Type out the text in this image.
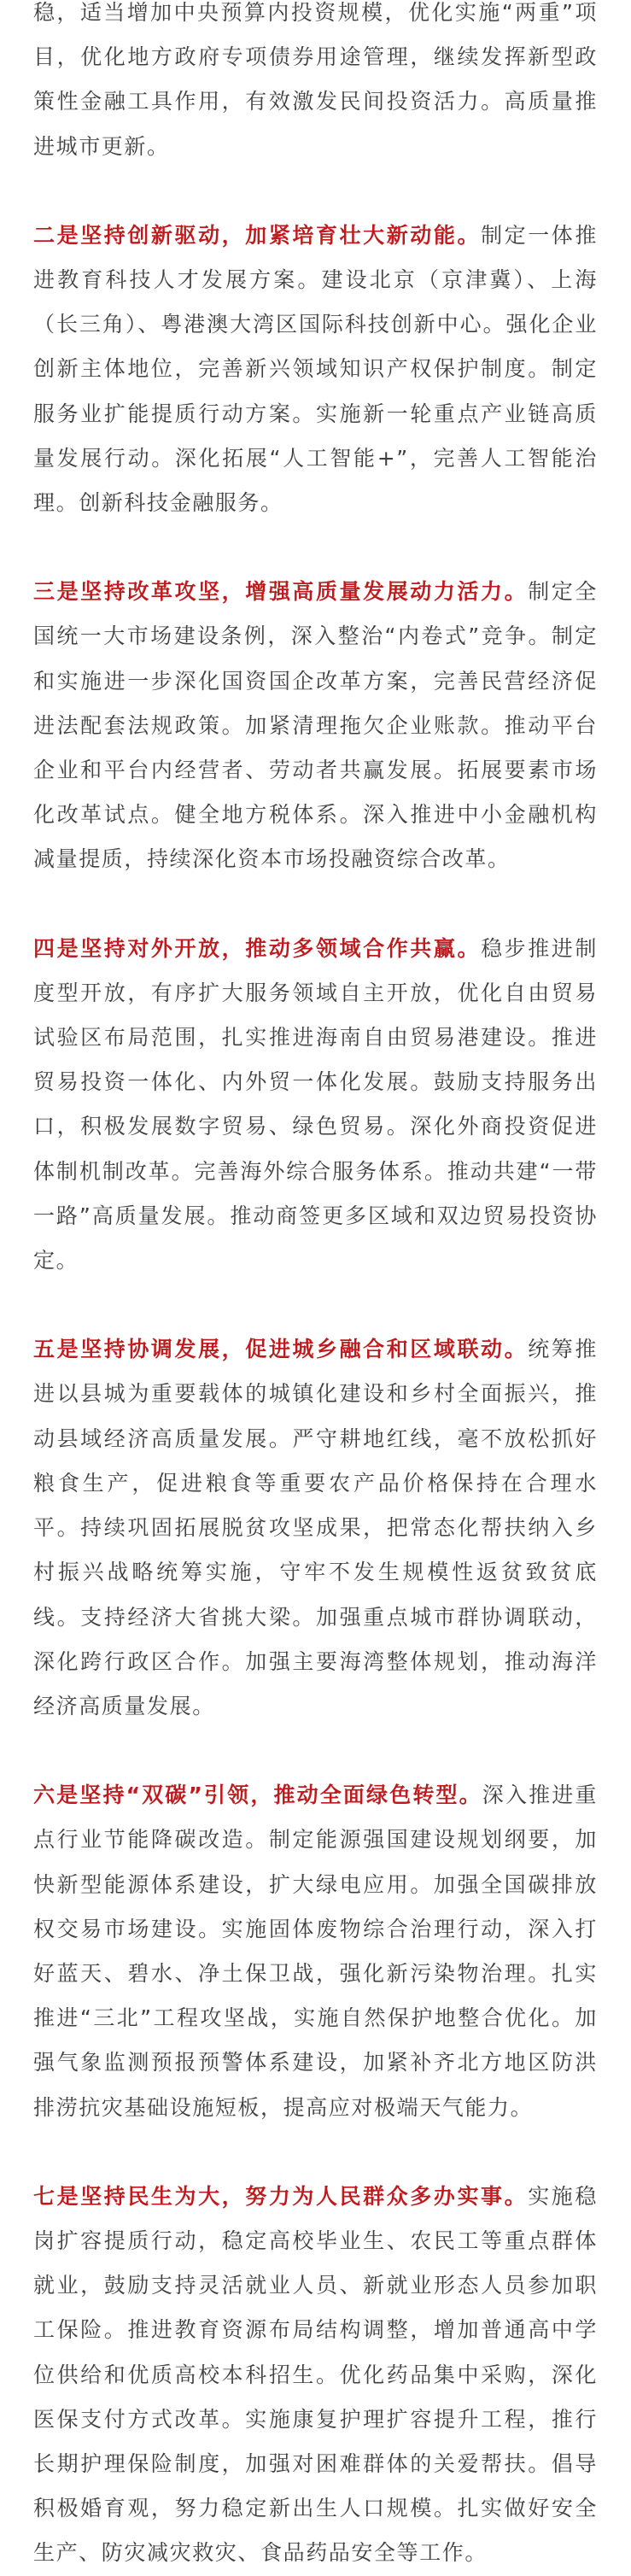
稳，适当增加中央预算内投资规模，优化实施“两重”项目，优化地方政府专项债券用途管理，继续发挥新型政策性金融工具作用，有效激发民间投资活力。高质量推进城市更新。

二是坚持创新驱动，加紧培育壮大新动能。制定一体推进教育科技人才发展方案。建设北京（京津冀）、上海（长三角）、粤港澳大湾区国际科技创新中心。强化企业创新主体地位，完善新兴领域知识产权保护制度。制定服务业扩能提质行动方案。实施新一轮重点产业链高质量发展行动。深化拓展“人工智能+”，完善人工智能治理。创新科技金融服务。

三是坚持改革攻坚，增强高质量发展动力活力。制定全国统一大市场建设条例，深入整治“内卷式”竞争。制定和实施进一步深化国资国企改革方案，完善民营经济促进法配套法规政策。加紧清理拖欠企业账款。推动平台企业和平台内经营者、劳动者共赢发展。拓展要素市场化改革试点。健全地方税体系。深入推进中小金融机构减量提质，持续深化资本市场投融资综合改革。

四是坚持对外开放，推动多领域合作共赢。稳步推进制度型开放，有序扩大服务领域自主开放，优化自由贸易试验区布局范围，扎实推进海南自由贸易港建设。推进贸易投资一体化、内外贸一体化发展。鼓励支持服务出口，积极发展数字贸易、绿色贸易。深化外商投资促进体制机制改革。完善海外综合服务体系。推动共建“一带一路”高质量发展。推动商签更多区域和双边贸易投资协定。

五是坚持协调发展，促进城乡融合和区域联动。统筹推进以县城为重要载体的城镇化建设和乡村全面振兴，推动县域经济高质量发展。严守耕地红线，毫不放松抓好粮食生产，促进粮食等重要农产品价格保持在合理水平。持续巩固拓展脱贫攻坚成果，把常态化帮扶纳入乡村振兴战略统筹实施，守牢不发生规模性返贫致贫底线。支持经济大省挑大梁。加强重点城市群协调联动，深化跨行政区合作。加强主要海湾整体规划，推动海洋经济高质量发展。

六是坚持“双碳”引领，推动全面绿色转型。深入推进重点行业节能降碳改造。制定能源强国建设规划纲要，加快新型能源体系建设，扩大绿电应用。加强全国碳排放权交易市场建设。实施固体废物综合治理行动，深入打好蓝天、碧水、净土保卫战，强化新污染物治理。扎实推进“三北”工程攻坚战，实施自然保护地整合优化。加强气象监测预报预警体系建设，加紧补齐北方地区防洪排涝抗灾基础设施短板，提高应对极端天气能力。

七是坚持民生为大，努力为人民群众多办实事。实施稳岗扩容提质行动，稳定高校毕业生、农民工等重点群体就业，鼓励支持灵活就业人员、新就业形态人员参加职工保险。推进教育资源布局结构调整，增加普通高中学位供给和优质高校本科招生。优化药品集中采购，深化医保支付方式改革。实施康复护理扩容提升工程，推行长期护理保险制度，加强对困难群体的关爱帮扶。倡导积极婚育观，努力稳定新出生人口规模。扎实做好安全生产、防灾减灾救灾、食品药品安全等工作。
